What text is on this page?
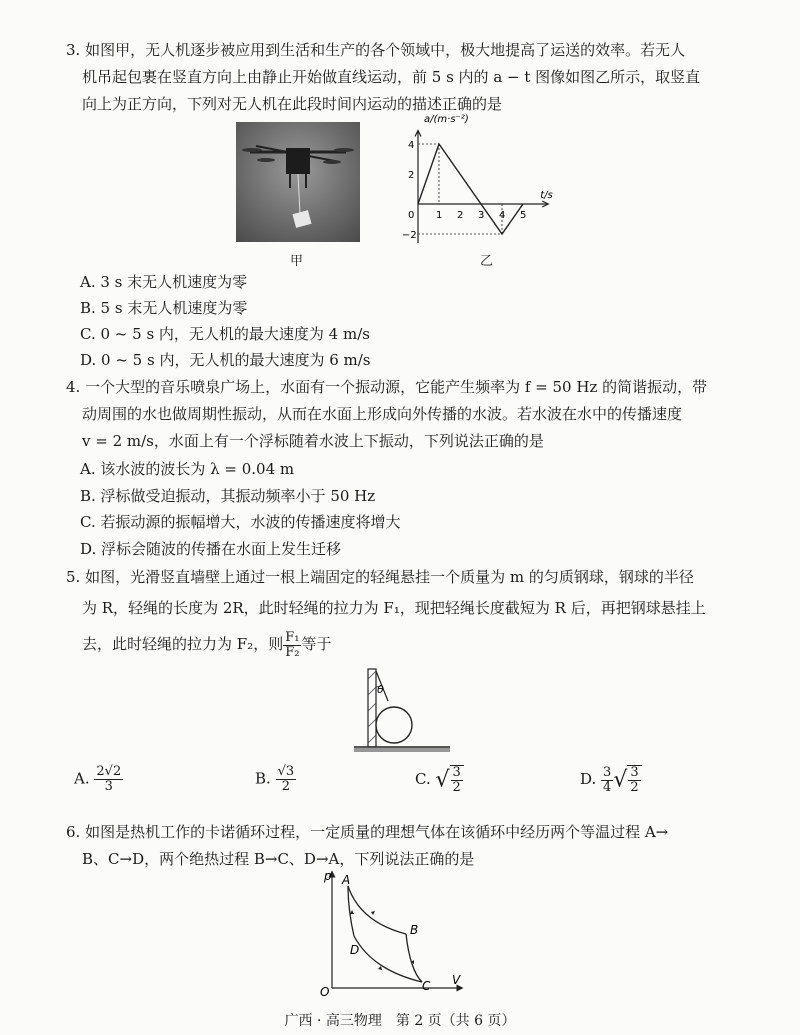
3. 如图甲，无人机逐步被应用到生活和生产的各个领域中，极大地提高了运送的效率。若无人
机吊起包裹在竖直方向上由静止开始做直线运动，前 5 s 内的 a − t 图像如图乙所示，取竖直
向上为正方向，下列对无人机在此段时间内运动的描述正确的是
甲
0 1 2 3 4 5
4
2
−2
a/(m·s⁻²)
t/s
乙
A. 3 s 末无人机速度为零
B. 5 s 末无人机速度为零
C. 0 ~ 5 s 内，无人机的最大速度为 4 m/s
D. 0 ~ 5 s 内，无人机的最大速度为 6 m/s
4. 一个大型的音乐喷泉广场上，水面有一个振动源，它能产生频率为 f = 50 Hz 的简谐振动，带
动周围的水也做周期性振动，从而在水面上形成向外传播的水波。若水波在水中的传播速度
v = 2 m/s，水面上有一个浮标随着水波上下振动，下列说法正确的是
A. 该水波的波长为 λ = 0.04 m
B. 浮标做受迫振动，其振动频率小于 50 Hz
C. 若振动源的振幅增大，水波的传播速度将增大
D. 浮标会随波的传播在水面上发生迁移
5. 如图，光滑竖直墙壁上通过一根上端固定的轻绳悬挂一个质量为 m 的匀质钢球，钢球的半径
为 R，轻绳的长度为 2R，此时轻绳的拉力为 F₁，现把轻绳长度截短为 R 后，再把钢球悬挂上
去，此时轻绳的拉力为 F₂，则 $\frac{\text{F₁}}{\text{F₂}}$ 等于
θ
A. $\frac{2√2}{3}$	B. $\frac{√3}{2}$	C. √ $\frac{3}{2}$	D. $\frac{3}{4}$ √ $\frac{3}{2}$
6. 如图是热机工作的卡诺循环过程，一定质量的理想气体在该循环中经历两个等温过程 A→
B、C→D，两个绝热过程 B→C、D→A，下列说法正确的是
p
V
O
A
B
C
D
广西 · 高三物理　第 2 页（共 6 页）
